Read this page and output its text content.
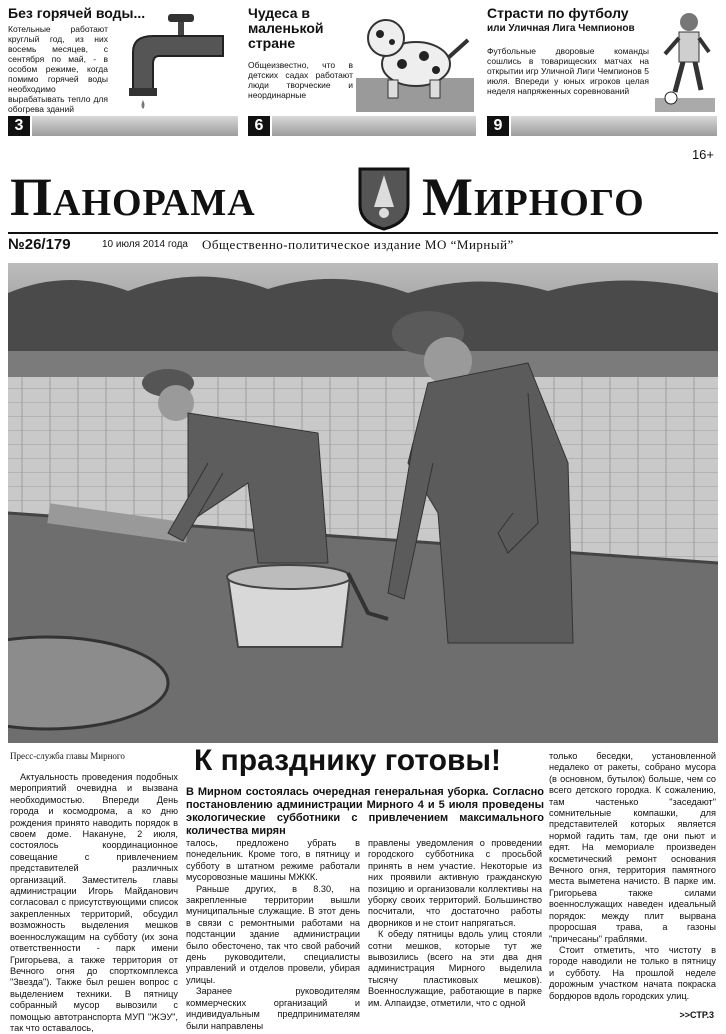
Без горячей воды...
Котельные работают круглый год, из них восемь месяцев, с сентября по май, - в особом режиме, когда помимо горячей воды необходимо вырабатывать тепло для обогрева зданий
3
Чудеса в маленькой стране
Общеизвестно, что в детских садах работают люди творческие и неординарные
6
Страсти по футболу
или Уличная Лига Чемпионов
Футбольные дворовые команды сошлись в товарищеских матчах на открытии игр Уличной Лиги Чемпионов 5 июля. Впереди у юных игроков целая неделя напряженных соревнований
9
16+
Панорама	Мирного
№26/179	10 июля 2014 года Общественно-политическое издание МО “Мирный”
Пресс-служба главы Мирного К празднику готовы!

Актуальность проведения подобных мероприятий очевидна и вызвана необходимостью. Впереди День города и космодрома, а ко дню рождения принято наводить порядок в своем доме. Накануне, 2 июля, состоялось координационное совещание с привлечением представителей различных организаций. Заместитель главы администрации Игорь Майданович согласовал с присутствующими список закрепленных территорий, обсудил возможность выделения мешков военнослужащим на субботу (их зона ответственности - парк имени Григорьева, а также территория от Вечного огня до спорткомплекса "Звезда"). Также был решен вопрос с выделением техники. В пятницу собранный мусор вывозили с помощью автотранспорта МУП "ЖЭУ", так что оставалось,

В Мирном состоялась очередная генеральная уборка. Согласно постановлению администрации Мирного 4 и 5 июля проведены экологические субботники с привлечением максимального количества мирян

талось, предложено убрать в понедельник. Кроме того, в пятницу и субботу в штатном режиме работали мусоровозные машины МЖКК.

Раньше других, в 8.30, на закрепленные территории вышли муниципальные служащие. В этот день в связи с ремонтными работами на подстанции здание администрации было обесточено, так что свой рабочий день руководители, специалисты управлений и отделов провели, убирая улицы.

Заранее руководителям коммерческих организаций и индивидуальным предпринимателям были направлены

правлены уведомления о проведении городского субботника с просьбой принять в нем участие. Некоторые из них проявили активную гражданскую позицию и организовали коллективы на уборку своих территорий. Большинство посчитали, что достаточно работы дворников и не стоит напрягаться.

К обеду пятницы вдоль улиц стояли сотни мешков, которые тут же вывозились (всего на эти два дня администрация Мирного выделила тысячу пластиковых мешков). Военнослужащие, работающие в парке им. Алпаидзе, отметили, что с одной

только беседки, установленной недалеко от ракеты, собрано мусора (в основном, бутылок) больше, чем со всего детского городка. К сожалению, там частенько "заседают" сомнительные компашки, для представителей которых является нормой гадить там, где они пьют и едят. На мемориале произведен косметический ремонт основания Вечного огня, территория памятного места выметена начисто. В парке им. Григорьева также силами военнослужащих наведен идеальный порядок: между плит вырвана проросшая трава, а газоны "причесаны" граблями.

Стоит отметить, что чистоту в городе наводили не только в пятницу и субботу. На прошлой неделе дорожным участком начата покраска бордюров вдоль городских улиц.

>>СТР.3
